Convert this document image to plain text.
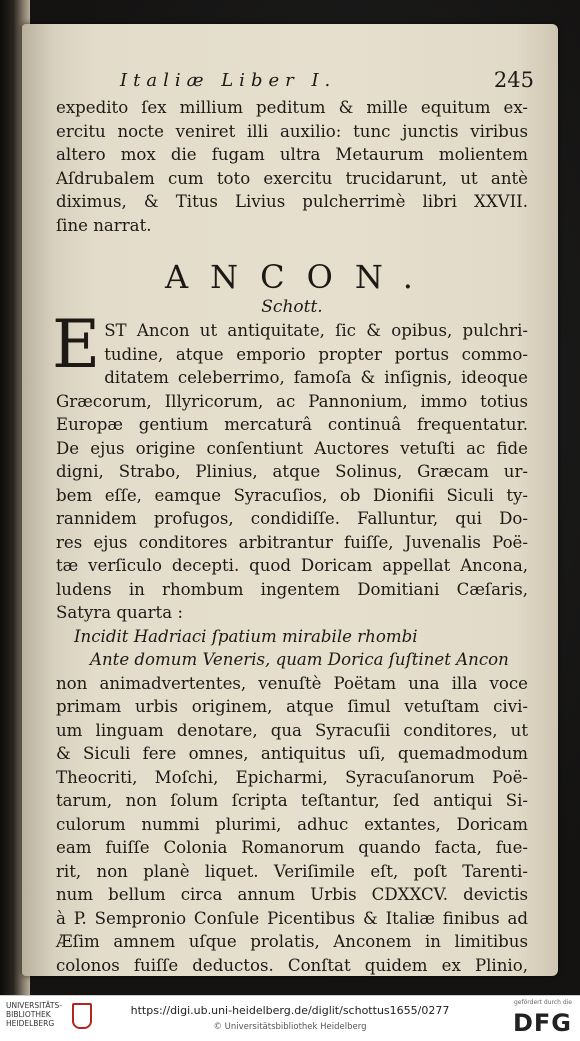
Italiæ Liber I.	245
expedito ſex millium peditum & mille equitum ex-
ercitu nocte veniret illi auxilio: tunc junctis viribus
altero mox die fugam ultra Metaurum molientem
Aſdrubalem cum toto exercitu trucidarunt, ut antè
diximus, & Titus Livius pulcherrimè libri XXVII.
ſine narrat.
ANCON.
Schott.
E ST Ancon ut antiquitate, ſic & opibus, pulchri-
tudine, atque emporio propter portus commo-
ditatem celeberrimo, famoſa & inſignis, ideoque
Græcorum, Illyricorum, ac Pannonium, immo totius
Europæ gentium mercaturâ continuâ frequentatur.
De ejus origine conſentiunt Auctores vetuſti ac fide
digni, Strabo, Plinius, atque Solinus, Græcam ur-
bem eſſe, eamque Syracuſios, ob Dionifii Siculi ty-
rannidem profugos, condidiſſe. Falluntur, qui Do-
res ejus conditores arbitrantur fuiſſe, Juvenalis Poë-
tæ verſiculo decepti. quod Doricam appellat Ancona,
ludens in rhombum ingentem Domitiani Cæſaris,
Satyra quarta :
Incidit Hadriaci ſpatium mirabile rhombi
Ante domum Veneris, quam Dorica ſuſtinet Ancon
non animadvertentes, venuſtè Poëtam una illa voce
primam urbis originem, atque ſimul vetuſtam civi-
um linguam denotare, qua Syracuſii conditores, ut
& Siculi fere omnes, antiquitus uſi, quemadmodum
Theocriti, Moſchi, Epicharmi, Syracuſanorum Poë-
tarum, non ſolum ſcripta teſtantur, ſed antiqui Si-
culorum nummi plurimi, adhuc extantes, Doricam
eam fuiſſe Colonia Romanorum quando facta, fue-
rit, non planè liquet. Veriſimile eſt, poſt Tarenti-
num bellum circa annum Urbis CDXXCV. devictis
à P. Sempronio Conſule Picentibus & Italiæ finibus ad
Æſim amnem uſque prolatis, Anconem in limitibus
colonos fuiſſe deductos. Conſtat quidem ex Plinio,
UNIVERSITÄTS- BIBLIOTHEK HEIDELBERG
https://digi.ub.uni-heidelberg.de/diglit/schottus1655/0277
© Universitätsbibliothek Heidelberg
gefördert durch die
DFG
